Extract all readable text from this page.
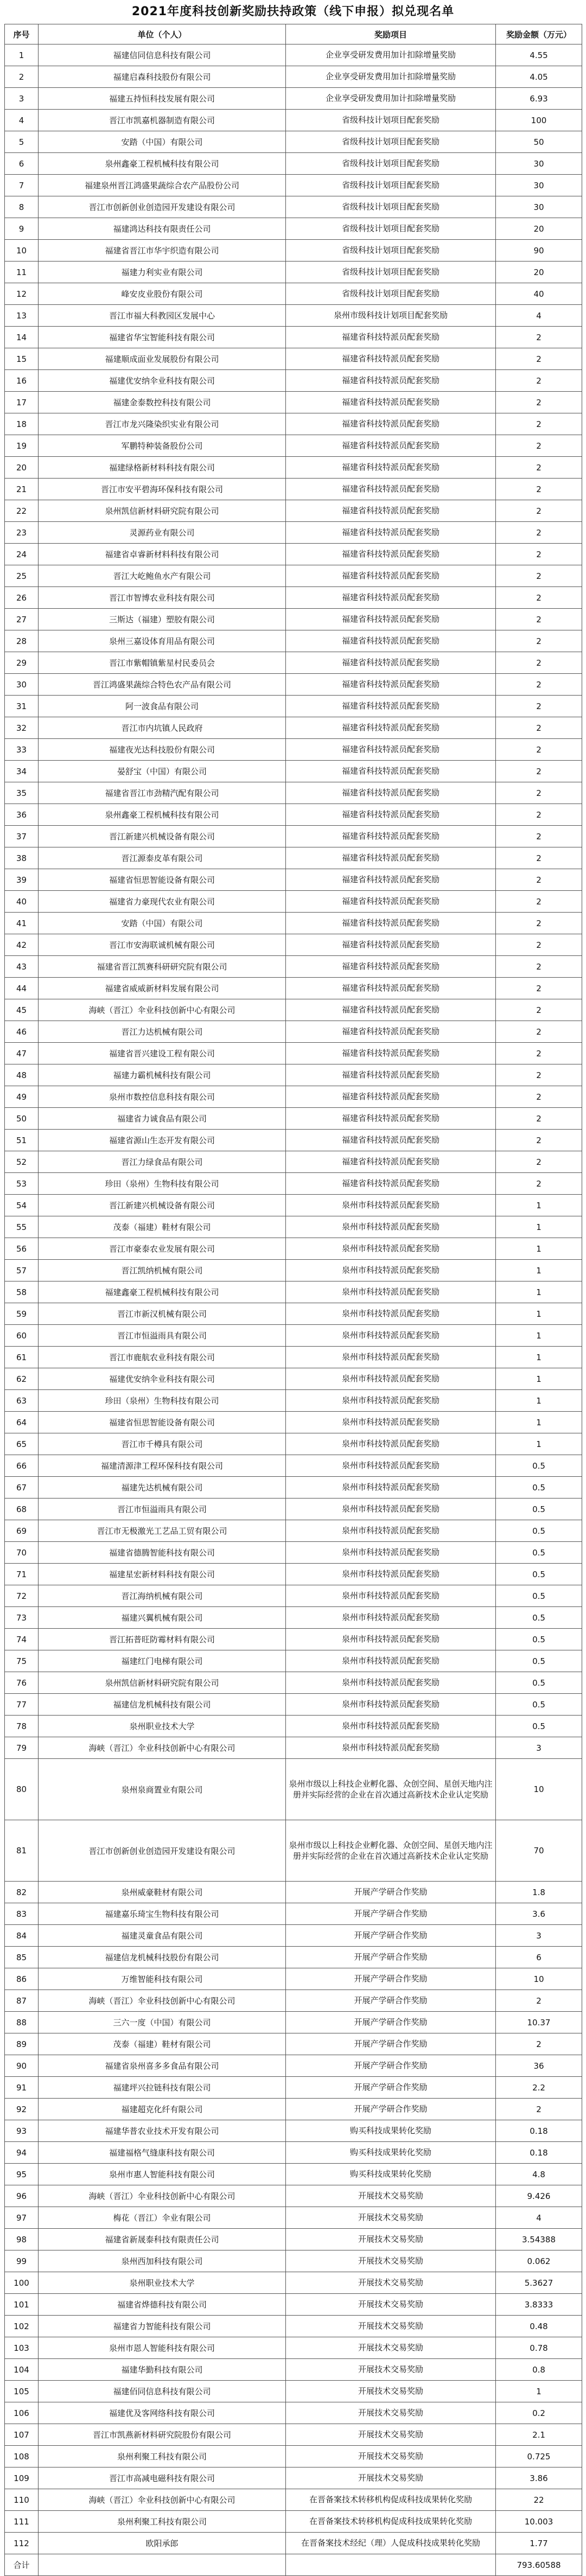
2021年度科技创新奖励扶持政策（线下申报）拟兑现名单
序号	单位（个人）	奖励项目	奖励金额（万元）
1	福建信同信息科技有限公司	企业享受研发费用加计扣除增量奖励	4.55
2	福建启森科技股份有限公司	企业享受研发费用加计扣除增量奖励	4.05
3	福建五持恒科技发展有限公司	企业享受研发费用加计扣除增量奖励	6.93
4	晋江市凯嘉机器制造有限公司	省级科技计划项目配套奖励	100
5	安踏（中国）有限公司	省级科技计划项目配套奖励	50
6	泉州鑫豪工程机械科技有限公司	省级科技计划项目配套奖励	30
7	福建泉州晋江鸿盛果蔬综合农产品股份公司	省级科技计划项目配套奖励	30
8	晋江市创新创业创造园开发建设有限公司	省级科技计划项目配套奖励	30
9	福建鸿达科技有限责任公司	省级科技计划项目配套奖励	20
10	福建省晋江市华宇织造有限公司	省级科技计划项目配套奖励	90
11	福建力利实业有限公司	省级科技计划项目配套奖励	20
12	峰安皮业股份有限公司	省级科技计划项目配套奖励	40
13	晋江市福大科教园区发展中心	泉州市级科技计划项目配套奖励	4
14	福建省华宝智能科技有限公司	福建省科技特派员配套奖励	2
15	福建顺成面业发展股份有限公司	福建省科技特派员配套奖励	2
16	福建优安纳伞业科技有限公司	福建省科技特派员配套奖励	2
17	福建金泰数控科技有限公司	福建省科技特派员配套奖励	2
18	晋江市龙兴隆染织实业有限公司	福建省科技特派员配套奖励	2
19	军鹏特种装备股份公司	福建省科技特派员配套奖励	2
20	福建绿格新材料科技有限公司	福建省科技特派员配套奖励	2
21	晋江市安平碧海环保科技有限公司	福建省科技特派员配套奖励	2
22	泉州凯信新材料研究院有限公司	福建省科技特派员配套奖励	2
23	灵源药业有限公司	福建省科技特派员配套奖励	2
24	福建省卓睿新材料科技有限公司	福建省科技特派员配套奖励	2
25	晋江大屹鲍鱼水产有限公司	福建省科技特派员配套奖励	2
26	晋江市智博农业科技有限公司	福建省科技特派员配套奖励	2
27	三斯达（福建）塑胶有限公司	福建省科技特派员配套奖励	2
28	泉州三嘉设体育用品有限公司	福建省科技特派员配套奖励	2
29	晋江市紫帽镇紫星村民委员会	福建省科技特派员配套奖励	2
30	晋江鸿盛果蔬综合特色农产品有限公司	福建省科技特派员配套奖励	2
31	阿一波食品有限公司	福建省科技特派员配套奖励	2
32	晋江市内坑镇人民政府	福建省科技特派员配套奖励	2
33	福建夜光达科技股份有限公司	福建省科技特派员配套奖励	2
34	晏舒宝（中国）有限公司	福建省科技特派员配套奖励	2
35	福建省晋江市劲精汽配有限公司	福建省科技特派员配套奖励	2
36	泉州鑫豪工程机械科技有限公司	福建省科技特派员配套奖励	2
37	晋江新建兴机械设备有限公司	福建省科技特派员配套奖励	2
38	晋江源泰皮革有限公司	福建省科技特派员配套奖励	2
39	福建省恒思智能设备有限公司	福建省科技特派员配套奖励	2
40	福建省力豪现代农业有限公司	福建省科技特派员配套奖励	2
41	安踏（中国）有限公司	福建省科技特派员配套奖励	2
42	晋江市安海联诚机械有限公司	福建省科技特派员配套奖励	2
43	福建省晋江凯赛科研研究院有限公司	福建省科技特派员配套奖励	2
44	福建省威威新材料发展有限公司	福建省科技特派员配套奖励	2
45	海峡（晋江）伞业科技创新中心有限公司	福建省科技特派员配套奖励	2
46	晋江力达机械有限公司	福建省科技特派员配套奖励	2
47	福建省晋兴建设工程有限公司	福建省科技特派员配套奖励	2
48	福建力霸机械科技有限公司	福建省科技特派员配套奖励	2
49	泉州市数控信息科技有限公司	福建省科技特派员配套奖励	2
50	福建省力诚食品有限公司	福建省科技特派员配套奖励	2
51	福建省源山生态开发有限公司	福建省科技特派员配套奖励	2
52	晋江力绿食品有限公司	福建省科技特派员配套奖励	2
53	珍田（泉州）生物科技有限公司	福建省科技特派员配套奖励	2
54	晋江新建兴机械设备有限公司	泉州市科技特派员配套奖励	1
55	茂泰（福建）鞋材有限公司	泉州市科技特派员配套奖励	1
56	晋江市豪泰农业发展有限公司	泉州市科技特派员配套奖励	1
57	晋江凯纳机械有限公司	泉州市科技特派员配套奖励	1
58	福建鑫豪工程机械科技有限公司	泉州市科技特派员配套奖励	1
59	晋江市新汉机械有限公司	泉州市科技特派员配套奖励	1
60	晋江市恒溢雨具有限公司	泉州市科技特派员配套奖励	1
61	晋江市鹿航农业科技有限公司	泉州市科技特派员配套奖励	1
62	福建优安纳伞业科技有限公司	泉州市科技特派员配套奖励	1
63	珍田（泉州）生物科技有限公司	泉州市科技特派员配套奖励	1
64	福建省恒思智能设备有限公司	泉州市科技特派员配套奖励	1
65	晋江市千樽具有限公司	泉州市科技特派员配套奖励	1
66	福建清源津工程环保科技有限公司	泉州市科技特派员配套奖励	0.5
67	福建先达机械有限公司	泉州市科技特派员配套奖励	0.5
68	晋江市恒溢雨具有限公司	泉州市科技特派员配套奖励	0.5
69	晋江市无极激光工艺品工贸有限公司	泉州市科技特派员配套奖励	0.5
70	福建省德腾智能科技有限公司	泉州市科技特派员配套奖励	0.5
71	福建星宏新材料科技有限公司	泉州市科技特派员配套奖励	0.5
72	晋江海纳机械有限公司	泉州市科技特派员配套奖励	0.5
73	福建兴翼机械有限公司	泉州市科技特派员配套奖励	0.5
74	晋江拓普旺防霉材料有限公司	泉州市科技特派员配套奖励	0.5
75	福建红门电梯有限公司	泉州市科技特派员配套奖励	0.5
76	泉州凯信新材料研究院有限公司	泉州市科技特派员配套奖励	0.5
77	福建信龙机械科技有限公司	泉州市科技特派员配套奖励	0.5
78	泉州职业技术大学	泉州市科技特派员配套奖励	0.5
79	海峡（晋江）伞业科技创新中心有限公司	泉州市科技特派员配套奖励	3
80	泉州泉商置业有限公司	泉州市级以上科技企业孵化器、众创空间、星创天地内注册并实际经营的企业在首次通过高新技术企业认定奖励	10
81	晋江市创新创业创造园开发建设有限公司	泉州市级以上科技企业孵化器、众创空间、星创天地内注册并实际经营的企业在首次通过高新技术企业认定奖励	70
82	泉州威豪鞋材有限公司	开展产学研合作奖励	1.8
83	福建嘉乐琦宝生物科技有限公司	开展产学研合作奖励	3.6
84	福建灵童食品有限公司	开展产学研合作奖励	3
85	福建信龙机械科技股份有限公司	开展产学研合作奖励	6
86	万维智能科技有限公司	开展产学研合作奖励	10
87	海峡（晋江）伞业科技创新中心有限公司	开展产学研合作奖励	2
88	三六一度（中国）有限公司	开展产学研合作奖励	10.37
89	茂泰（福建）鞋材有限公司	开展产学研合作奖励	2
90	福建省泉州喜多多食品有限公司	开展产学研合作奖励	36
91	福建坪兴拉链科技有限公司	开展产学研合作奖励	2.2
92	福建超克化纤有限公司	开展产学研合作奖励	2
93	福建华普农业技术开发有限公司	购买科技成果转化奖励	0.18
94	福建福格气缝康科技有限公司	购买科技成果转化奖励	0.18
95	泉州市惠人智能科技有限公司	购买科技成果转化奖励	4.8
96	海峡（晋江）伞业科技创新中心有限公司	开展技术交易奖励	9.426
97	梅花（晋江）伞业有限公司	开展技术交易奖励	4
98	福建省新晟泰科技有限责任公司	开展技术交易奖励	3.54388
99	泉州西加科技有限公司	开展技术交易奖励	0.062
100	泉州职业技术大学	开展技术交易奖励	5.3627
101	福建省烨德科技有限公司	开展技术交易奖励	3.8333
102	福建省力智能科技有限公司	开展技术交易奖励	0.48
103	泉州市恩人智能科技有限公司	开展技术交易奖励	0.78
104	福建华勤科技有限公司	开展技术交易奖励	0.8
105	福建佰同信息科技有限公司	开展技术交易奖励	1
106	福建优及客网络科技有限公司	开展技术交易奖励	0.2
107	晋江市凯燕新材料研究院股份有限公司	开展技术交易奖励	2.1
108	泉州利聚工科技有限公司	开展技术交易奖励	0.725
109	晋江市高减电磁科技有限公司	开展技术交易奖励	3.86
110	海峡（晋江）伞业科技创新中心有限公司	在晋备案技术转移机构促成科技成果转化奖励	22
111	泉州利聚工科技有限公司	在晋备案技术转移机构促成科技成果转化奖励	10.003
112	欧阳承郎	在晋备案技术经纪（理）人促成科技成果转化奖励	1.77
合计			793.60588
